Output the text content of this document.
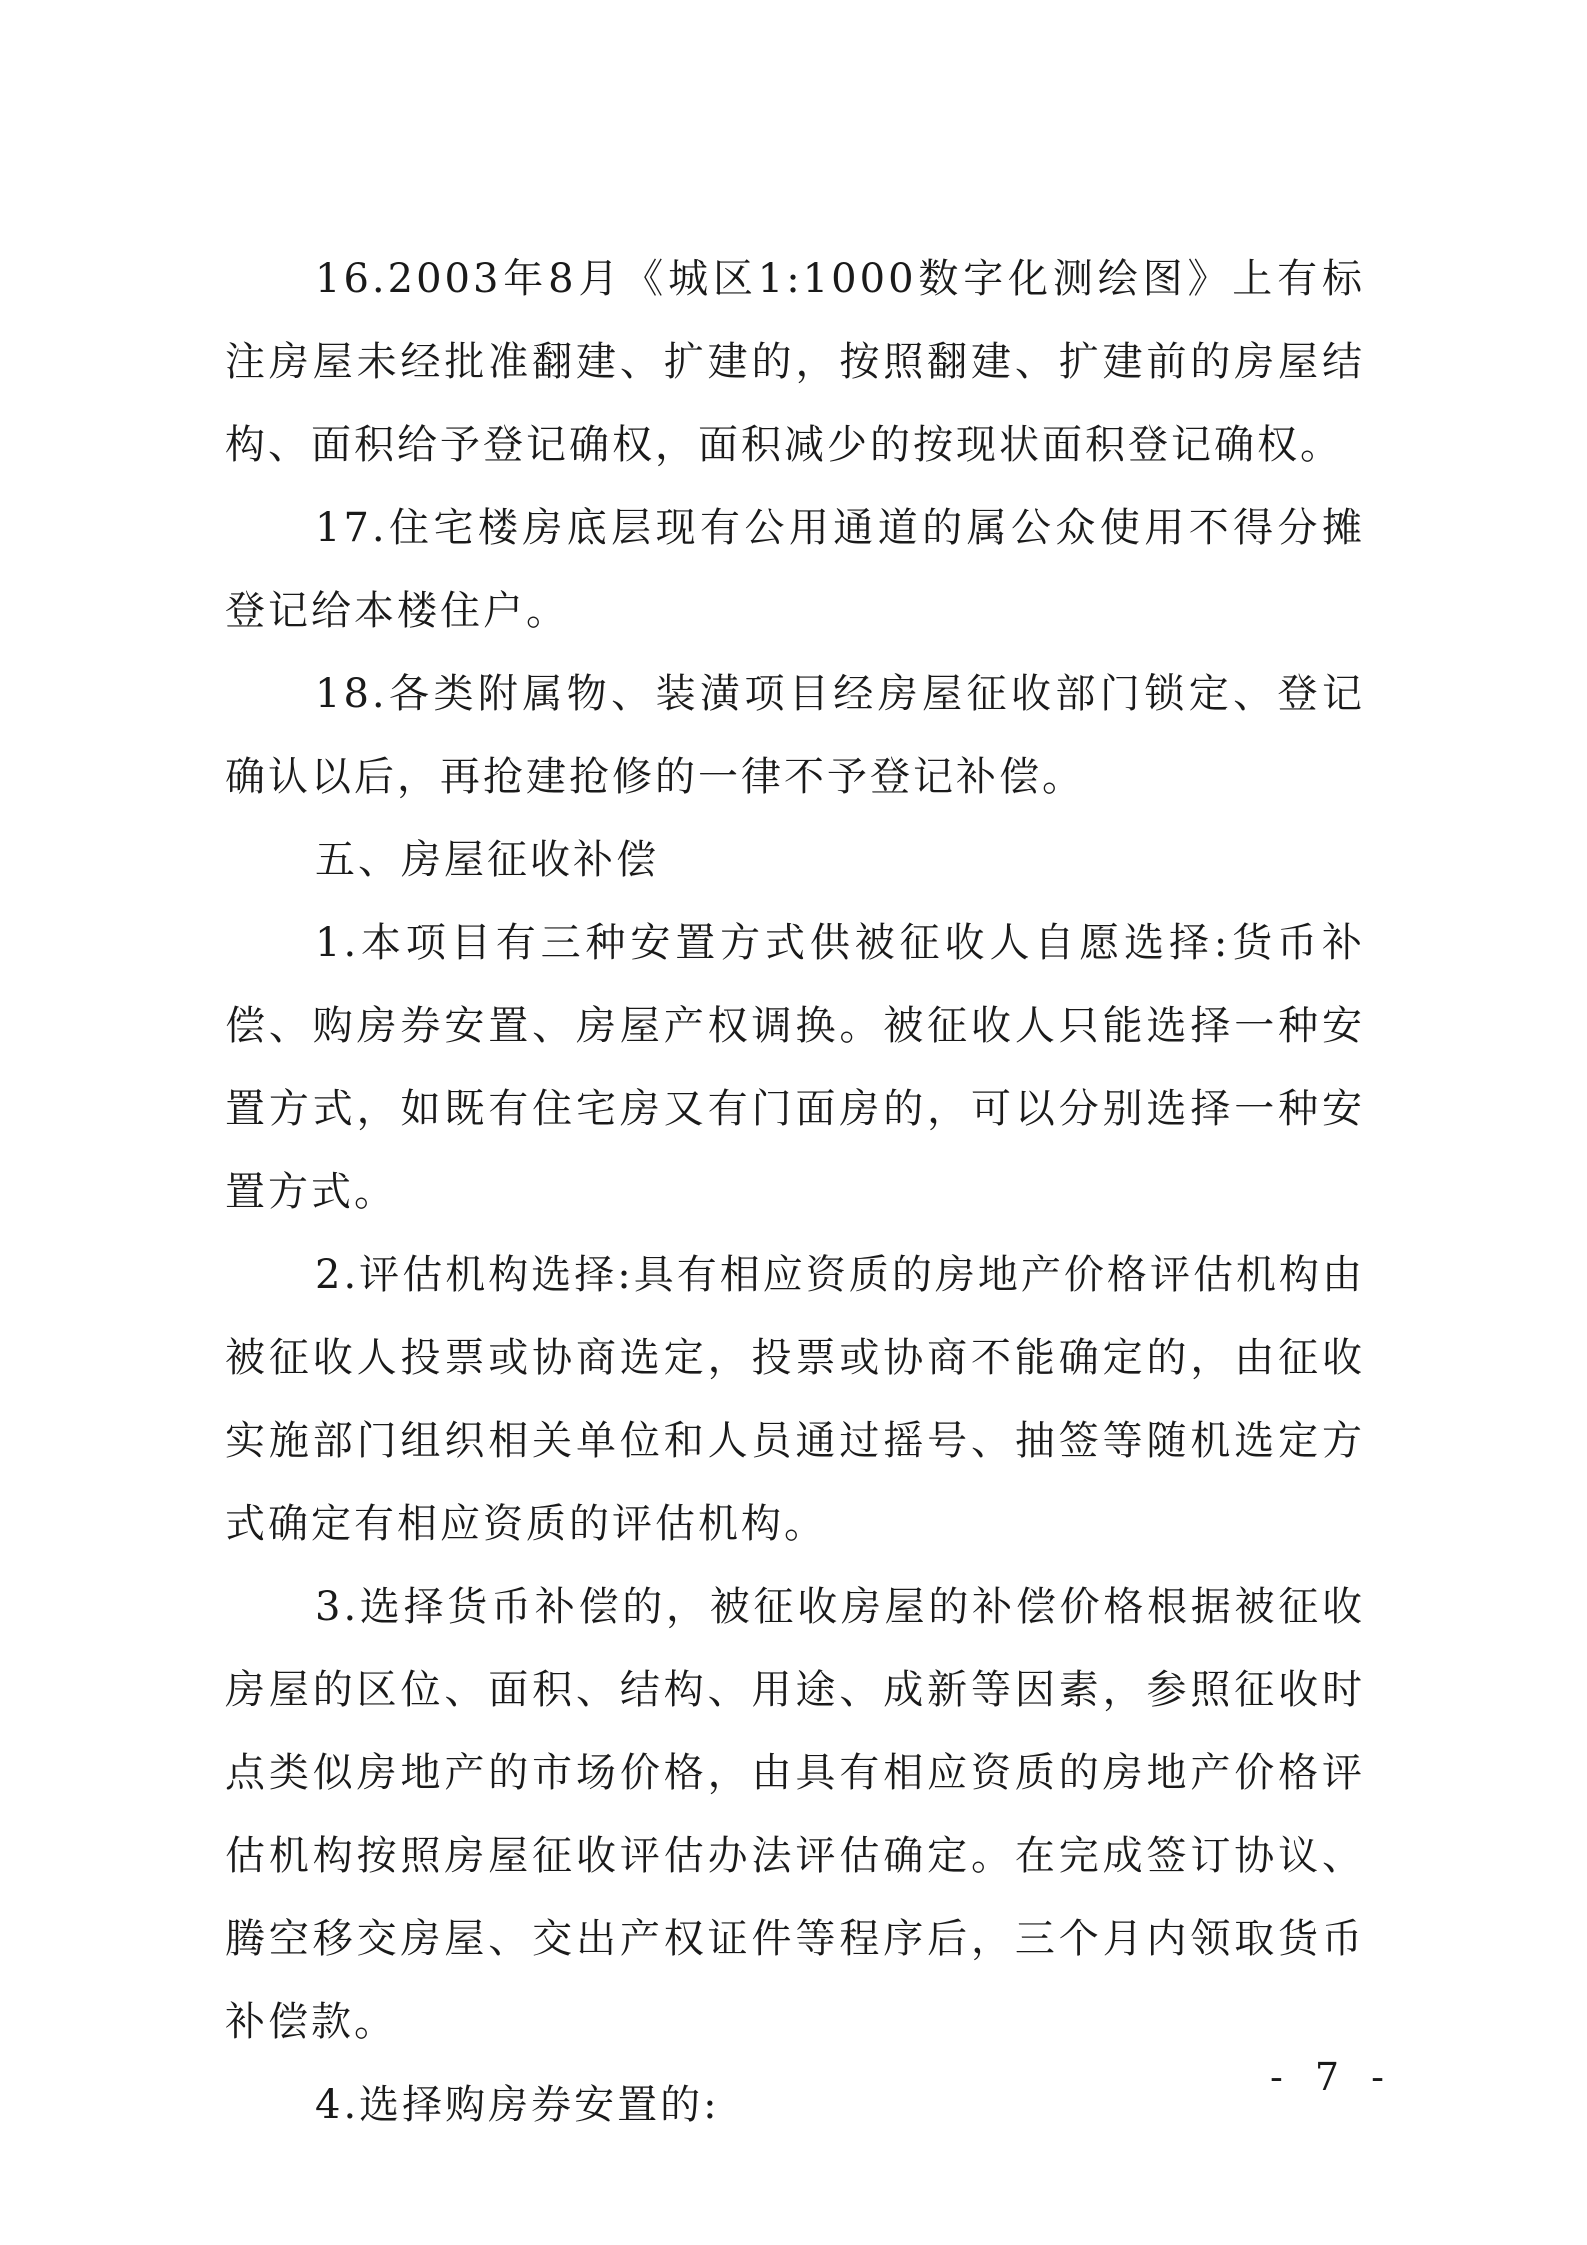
16.2003年8月《城区1:1000数字化测绘图》上有标注房屋未经批准翻建、扩建的，按照翻建、扩建前的房屋结构、面积给予登记确权，面积减少的按现状面积登记确权。

17.住宅楼房底层现有公用通道的属公众使用不得分摊登记给本楼住户。

18.各类附属物、装潢项目经房屋征收部门锁定、登记确认以后，再抢建抢修的一律不予登记补偿。

五、房屋征收补偿

1.本项目有三种安置方式供被征收人自愿选择:货币补偿、购房券安置、房屋产权调换。被征收人只能选择一种安置方式，如既有住宅房又有门面房的，可以分别选择一种安置方式。

2.评估机构选择:具有相应资质的房地产价格评估机构由被征收人投票或协商选定，投票或协商不能确定的，由征收实施部门组织相关单位和人员通过摇号、抽签等随机选定方式确定有相应资质的评估机构。

3.选择货币补偿的，被征收房屋的补偿价格根据被征收房屋的区位、面积、结构、用途、成新等因素，参照征收时点类似房地产的市场价格，由具有相应资质的房地产价格评估机构按照房屋征收评估办法评估确定。在完成签订协议、腾空移交房屋、交出产权证件等程序后，三个月内领取货币补偿款。

4.选择购房券安置的:

- 7 -
